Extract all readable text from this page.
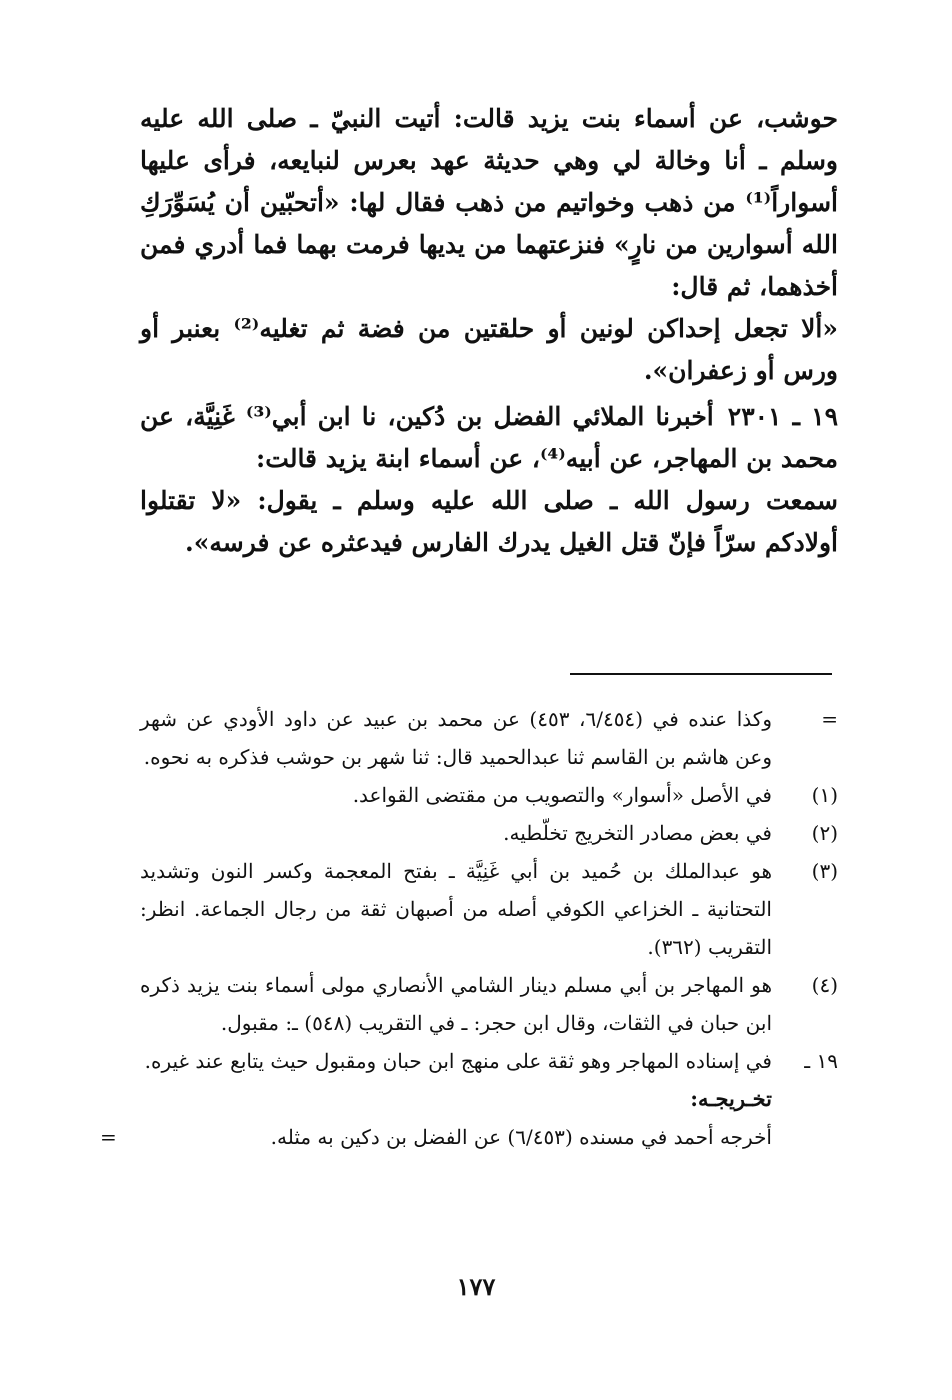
حوشب، عن أسماء بنت يزيد قالت: أتيت النبيّ ـ صلى الله عليه وسلم ـ أنا وخالة لي وهي حديثة عهد بعرس لنبايعه، فرأى عليها أسواراً⁽¹⁾ من ذهب وخواتيم من ذهب فقال لها: «أتحبّين أن يُسَوِّرَكِ الله أسوارين من نارٍ» فنزعتهما من يديها فرمت بهما فما أدري فمن أخذهما، ثم قال:

«ألا تجعل إحداكن لونين أو حلقتين من فضة ثم تغليه⁽²⁾ بعنبر أو ورس أو زعفران».

١٩ ـ ٢٣٠١أخبرنا الملائي الفضل بن دُكين، نا ابن أبي⁽³⁾ غَنِيَّة، عن محمد بن المهاجر، عن أبيه⁽⁴⁾، عن أسماء ابنة يزيد قالت:

سمعت رسول الله ـ صلى الله عليه وسلم ـ يقول: «لا تقتلوا أولادكم سرّاً فإنّ قتل الغيل يدرك الفارس فيدعثره عن فرسه».

=
وكذا عنده في (٦/٤٥٤، ٤٥٣) عن محمد بن عبيد عن داود الأودي عن شهر وعن هاشم بن القاسم ثنا عبدالحميد قال: ثنا شهر بن حوشب فذكره به نحوه.
(١)
في الأصل «أسوار» والتصويب من مقتضى القواعد.
(٢)
في بعض مصادر التخريج تخلّطيه.
(٣)
هو عبدالملك بن حُميد بن أبي غَنِيَّة ـ بفتح المعجمة وكسر النون وتشديد التحتانية ـ الخزاعي الكوفي أصله من أصبهان ثقة من رجال الجماعة. انظر: التقريب (٣٦٢).
(٤)
هو المهاجر بن أبي مسلم دينار الشامي الأنصاري مولى أسماء بنت يزيد ذكره ابن حبان في الثقات، وقال ابن حجر: ـ في التقريب (٥٤٨) ـ: مقبول.
١٩ ـ
في إسناده المهاجر وهو ثقة على منهج ابن حبان ومقبول حيث يتابع عند غيره.
تخـريجـه:
أخرجه أحمد في مسنده (٦/٤٥٣) عن الفضل بن دكين به مثله.
=
١٧٧
